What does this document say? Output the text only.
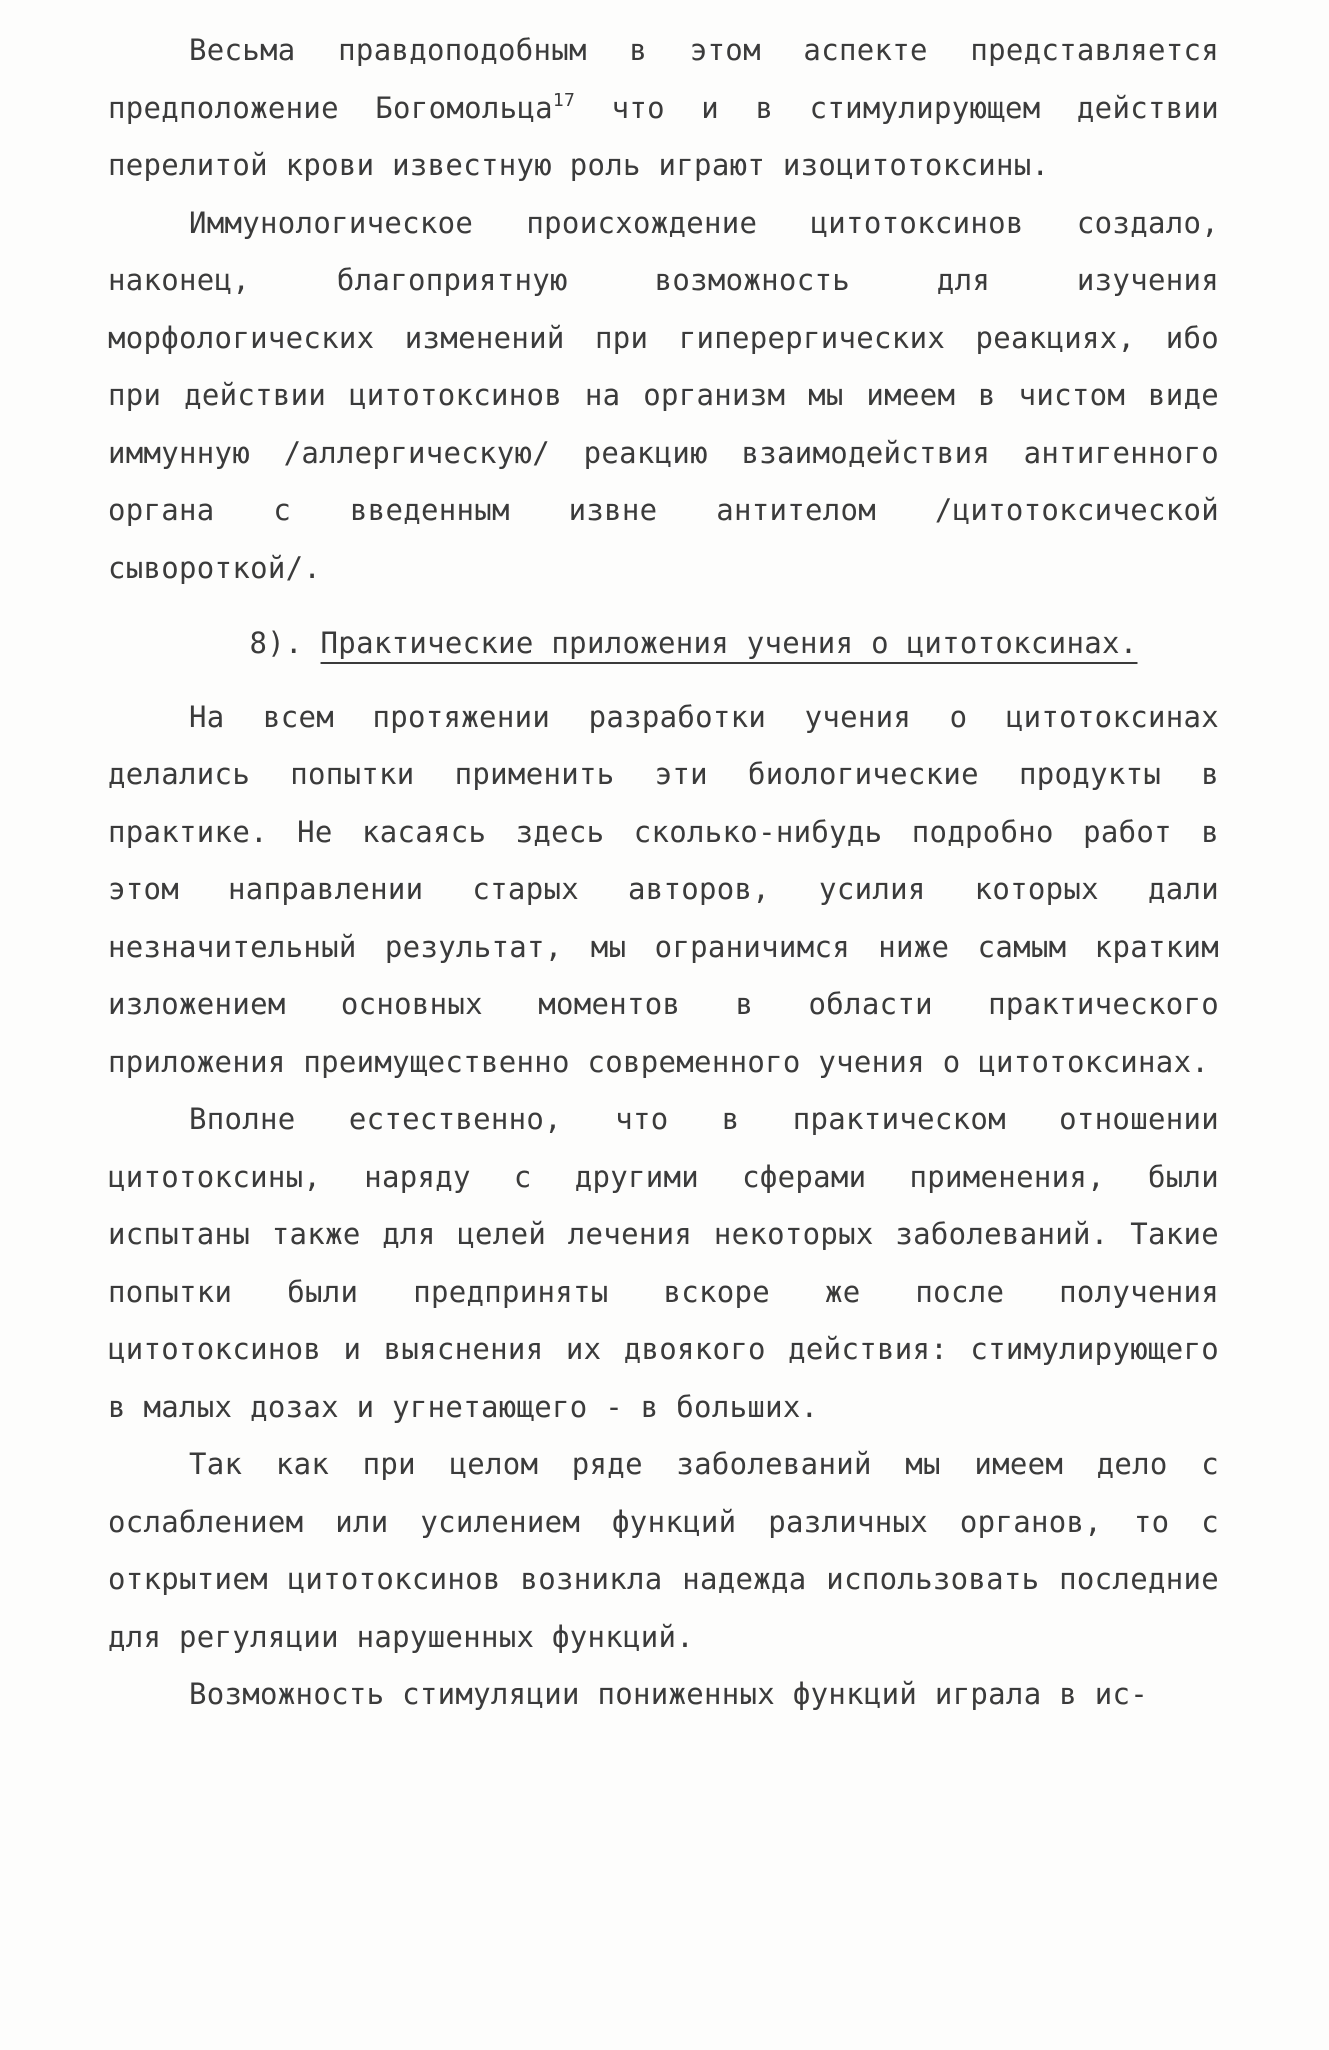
Весьма правдоподобным в этом аспекте представляется предположение Богомольца$^{17}$ что и в стимулирующем действии перелитой крови известную роль играют изоцитотоксины.

Иммунологическое происхождение цитотоксинов создало, наконец, благоприятную возможность для изучения морфологических изменений при гиперергических реакциях, ибо при действии цитотоксинов на организм мы имеем в чистом виде иммунную /аллергическую/ реакцию взаимодействия антигенного органа с введенным извне антителом /цитотоксической сывороткой/.

8). Практические приложения учения о цитотоксинах.

На всем протяжении разработки учения о цитотоксинах делались попытки применить эти биологические продукты в практике. Не касаясь здесь сколько-нибудь подробно работ в этом направлении старых авторов, усилия которых дали незначительный результат, мы ограничимся ниже самым кратким изложением основных моментов в области практического приложения преимущественно современного учения о цитотоксинах.

Вполне естественно, что в практическом отношении цитотоксины, наряду с другими сферами применения, были испытаны также для целей лечения некоторых заболеваний. Такие попытки были предприняты вскоре же после получения цитотоксинов и выяснения их двоякого действия: стимулирующего в малых дозах и угнетающего - в больших.

Так как при целом ряде заболеваний мы имеем дело с ослаблением или усилением функций различных органов, то с открытием цитотоксинов возникла надежда использовать последние для регуляции нарушенных функций.

Возможность стимуляции пониженных функций играла в ис-
